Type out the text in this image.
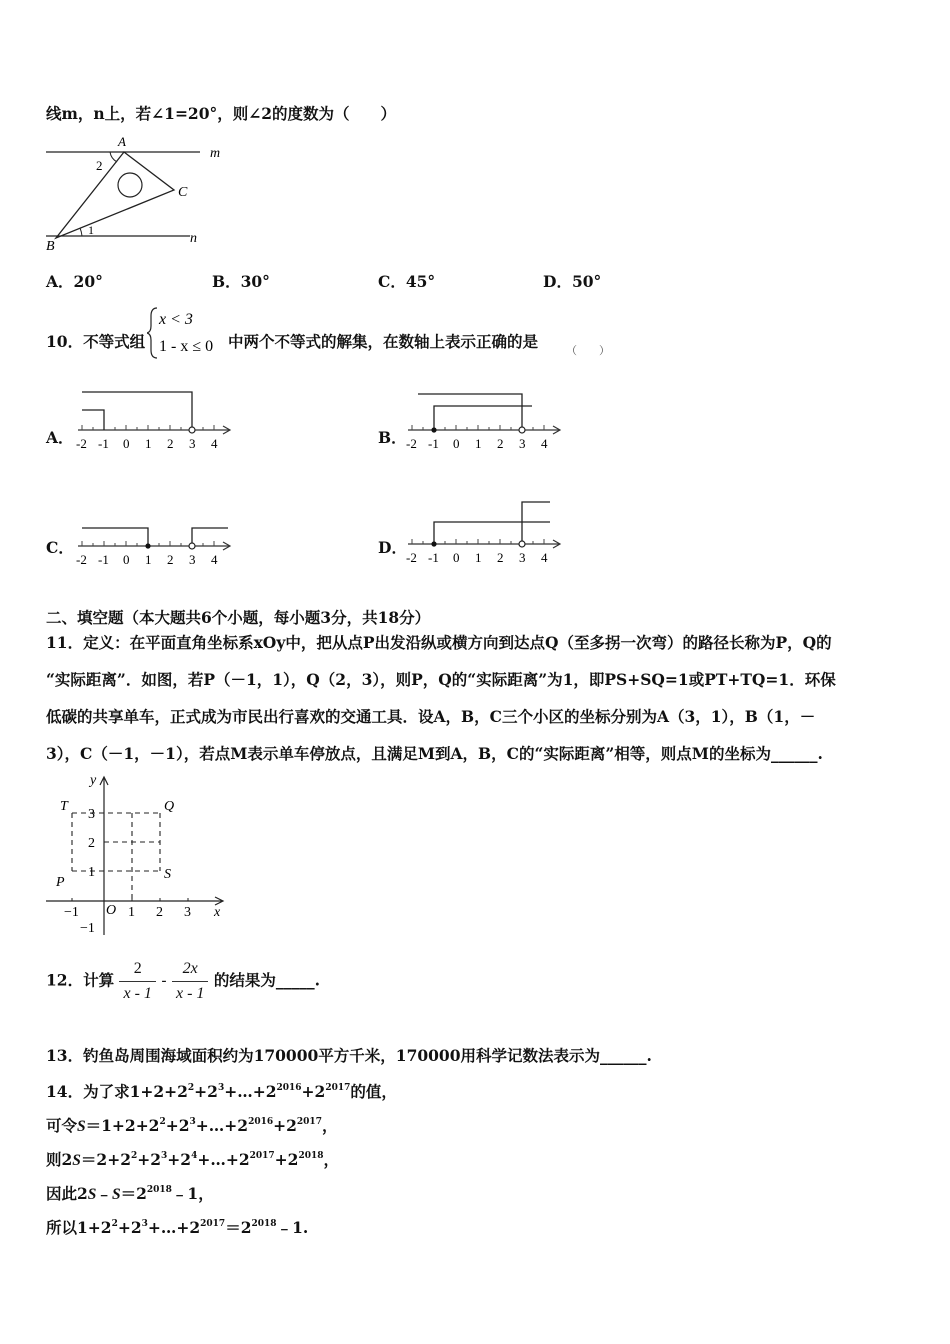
线m，n上，若∠1=20°，则∠2的度数为（　　）
A
C
B
m
n
1
2
A．20°	B．30°	C．45°	D．50°
10．不等式组
x < 3
1 - x ≤ 0 中两个不等式的解集，在数轴上表示正确的是	（　　）
A． -2 -1 0 1 2 3 4	B． -2 -1 0 1 2 3 4
C．
-2 -1 0 1 2 3 4
D．
-2 -1 0 1 2 3 4
二、填空题（本大题共6个小题，每小题3分，共18分）
11．定义：在平面直角坐标系xOy中，把从点P出发沿纵或横方向到达点Q（至多拐一次弯）的路径长称为P，Q的
“实际距离”．如图，若P（－1，1），Q（2，3），则P，Q的“实际距离”为1，即PS+SQ=1或PT+TQ=1．环保
低碳的共享单车，正式成为市民出行喜欢的交通工具．设A，B，C三个小区的坐标分别为A（3，1），B（1，－
3），C（－1，－1），若点M表示单车停放点，且满足M到A，B，C的“实际距离”相等，则点M的坐标为______.
−1	1 2 3
3
2
1
−1
O	x
y
T	Q
P
S
12．计算 $\frac{2}{x - 1} - \frac{2x}{x - 1}$ 的结果为_____.
13．钓鱼岛周围海域面积约为170000平方千米，170000用科学记数法表示为______.
14．为了求$1+2+2^2+2^3+\dots+2^{2016}+2^{2017}$的值，
可令$S=1+2+2^2+2^3+\dots+2^{2016}+2^{2017}$，
则$2S=2+2^2+2^3+2^4+\dots+2^{2017}+2^{2018}$，
因此$2S﹣S=2^{2018}﹣1$，
所以$1+2^2+2^3+\dots+2^{2017}=2^{2018}﹣1$.
